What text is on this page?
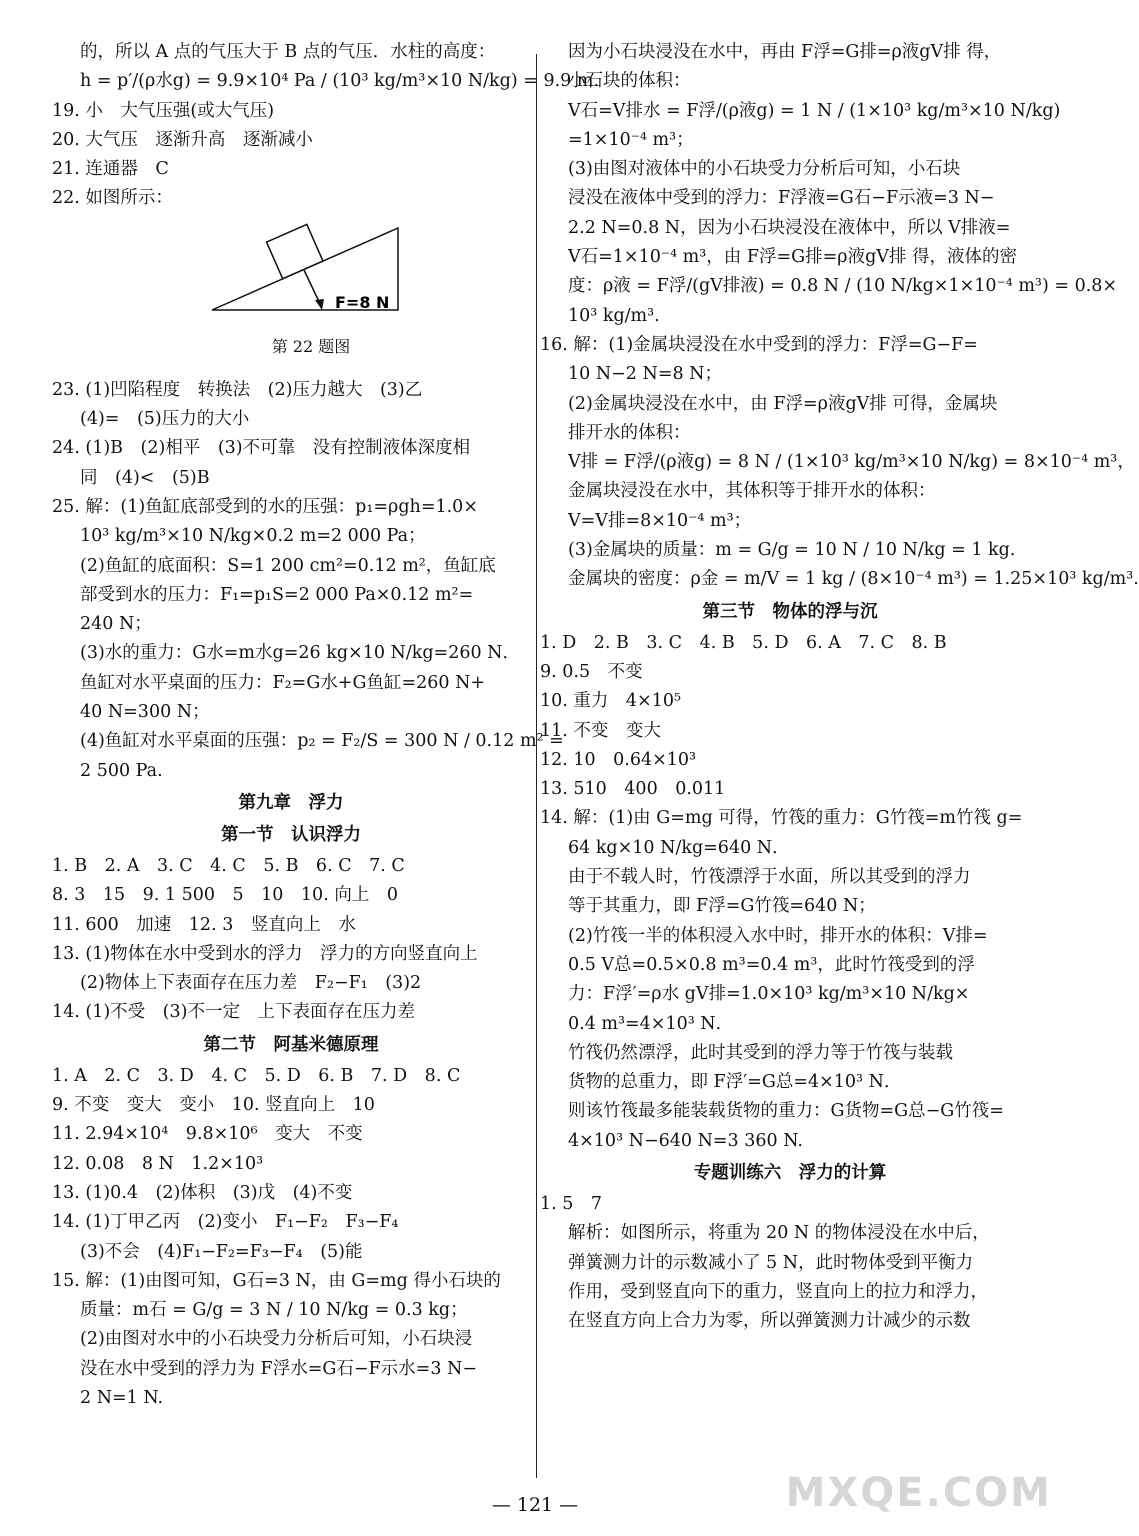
的，所以 A 点的气压大于 B 点的气压．水柱的高度：

h = p′/(ρ水g) = 9.9×10⁴ Pa / (10³ kg/m³×10 N/kg) = 9.9 m.

19. 小　大气压强(或大气压)

20. 大气压　逐渐升高　逐渐减小

21. 连通器　C

22. 如图所示：

F=8 N

第 22 题图

23. (1)凹陷程度　转换法　(2)压力越大　(3)乙

(4)=　(5)压力的大小

24. (1)B　(2)相平　(3)不可靠　没有控制液体深度相

同　(4)<　(5)B

25. 解：(1)鱼缸底部受到的水的压强：p₁=ρgh=1.0×

10³ kg/m³×10 N/kg×0.2 m=2 000 Pa；

(2)鱼缸的底面积：S=1 200 cm²=0.12 m²，鱼缸底

部受到水的压力：F₁=p₁S=2 000 Pa×0.12 m²=

240 N；

(3)水的重力：G水=m水g=26 kg×10 N/kg=260 N．

鱼缸对水平桌面的压力：F₂=G水+G鱼缸=260 N+

40 N=300 N；

(4)鱼缸对水平桌面的压强：p₂ = F₂/S = 300 N / 0.12 m² =

2 500 Pa.

第九章　浮力

第一节　认识浮力

1. B　2. A　3. C　4. C　5. B　6. C　7. C

8. 3　15　9. 1 500　5　10　10. 向上　0

11. 600　加速　12. 3　竖直向上　水

13. (1)物体在水中受到水的浮力　浮力的方向竖直向上

(2)物体上下表面存在压力差　F₂−F₁　(3)2

14. (1)不受　(3)不一定　上下表面存在压力差

第二节　阿基米德原理

1. A　2. C　3. D　4. C　5. D　6. B　7. D　8. C

9. 不变　变大　变小　10. 竖直向上　10

11. 2.94×10⁴　9.8×10⁶　变大　不变

12. 0.08　8 N　1.2×10³

13. (1)0.4　(2)体积　(3)戊　(4)不变

14. (1)丁甲乙丙　(2)变小　F₁−F₂　F₃−F₄

(3)不会　(4)F₁−F₂=F₃−F₄　(5)能

15. 解：(1)由图可知，G石=3 N，由 G=mg 得小石块的

质量：m石 = G/g = 3 N / 10 N/kg = 0.3 kg；

(2)由图对水中的小石块受力分析后可知，小石块浸

没在水中受到的浮力为 F浮水=G石−F示水=3 N−

2 N=1 N.

因为小石块浸没在水中，再由 F浮=G排=ρ液gV排 得，

小石块的体积：

V石=V排水 = F浮/(ρ液g) = 1 N / (1×10³ kg/m³×10 N/kg)

=1×10⁻⁴ m³；

(3)由图对液体中的小石块受力分析后可知，小石块

浸没在液体中受到的浮力：F浮液=G石−F示液=3 N−

2.2 N=0.8 N，因为小石块浸没在液体中，所以 V排液=

V石=1×10⁻⁴ m³，由 F浮=G排=ρ液gV排 得，液体的密

度：ρ液 = F浮/(gV排液) = 0.8 N / (10 N/kg×1×10⁻⁴ m³) = 0.8×

10³ kg/m³.

16. 解：(1)金属块浸没在水中受到的浮力：F浮=G−F=

10 N−2 N=8 N；

(2)金属块浸没在水中，由 F浮=ρ液gV排 可得，金属块

排开水的体积：

V排 = F浮/(ρ液g) = 8 N / (1×10³ kg/m³×10 N/kg) = 8×10⁻⁴ m³，

金属块浸没在水中，其体积等于排开水的体积：

V=V排=8×10⁻⁴ m³；

(3)金属块的质量：m = G/g = 10 N / 10 N/kg = 1 kg．

金属块的密度：ρ金 = m/V = 1 kg / (8×10⁻⁴ m³) = 1.25×10³ kg/m³.

第三节　物体的浮与沉

1. D　2. B　3. C　4. B　5. D　6. A　7. C　8. B

9. 0.5　不变

10. 重力　4×10⁵

11. 不变　变大

12. 10　0.64×10³

13. 510　400　0.011

14. 解：(1)由 G=mg 可得，竹筏的重力：G竹筏=m竹筏 g=

64 kg×10 N/kg=640 N．

由于不载人时，竹筏漂浮于水面，所以其受到的浮力

等于其重力，即 F浮=G竹筏=640 N；

(2)竹筏一半的体积浸入水中时，排开水的体积：V排=

0.5 V总=0.5×0.8 m³=0.4 m³，此时竹筏受到的浮

力：F浮′=ρ水 gV排=1.0×10³ kg/m³×10 N/kg×

0.4 m³=4×10³ N．

竹筏仍然漂浮，此时其受到的浮力等于竹筏与装载

货物的总重力，即 F浮′=G总=4×10³ N．

则该竹筏最多能装载货物的重力：G货物=G总−G竹筏=

4×10³ N−640 N=3 360 N.

专题训练六　浮力的计算

1. 5　7

解析：如图所示，将重为 20 N 的物体浸没在水中后，

弹簧测力计的示数减小了 5 N，此时物体受到平衡力

作用，受到竖直向下的重力，竖直向上的拉力和浮力，

在竖直方向上合力为零，所以弹簧测力计减少的示数

— 121 —	MXQE.COM
